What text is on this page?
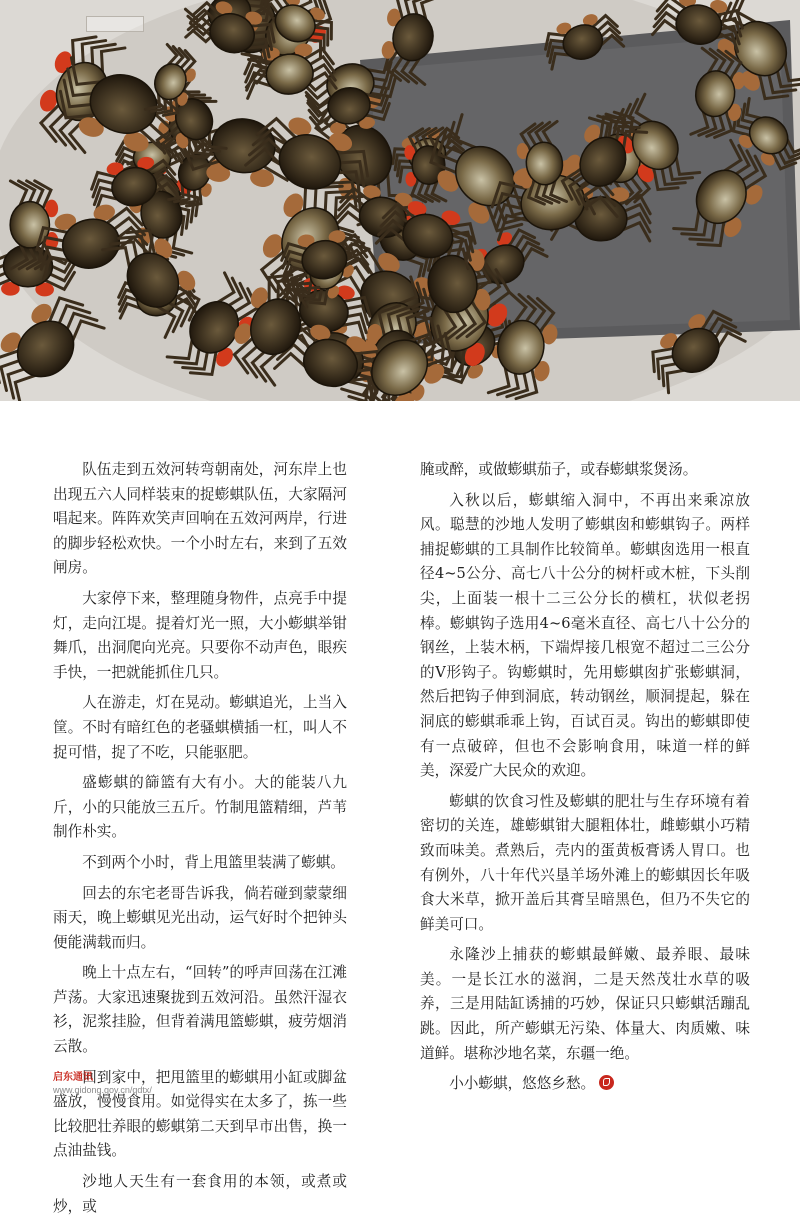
队伍走到五效河转弯朝南处，河东岸上也出现五六人同样装束的捉蟛蜞队伍，大家隔河唱起来。阵阵欢笑声回响在五效河两岸，行进的脚步轻松欢快。一个小时左右，来到了五效闸房。

大家停下来，整理随身物件，点亮手中提灯，走向江堤。提着灯光一照，大小蟛蜞举钳舞爪，出洞爬向光亮。只要你不动声色，眼疾手快，一把就能抓住几只。

人在游走，灯在晃动。蟛蜞追光，上当入筐。不时有暗红色的老骚蜞横插一杠，叫人不捉可惜，捉了不吃，只能驱肥。

盛蟛蜞的篩篮有大有小。大的能装八九斤，小的只能放三五斤。竹制甩篮精细，芦苇制作朴实。

不到两个小时，背上甩篮里装满了蟛蜞。

回去的东宅老哥告诉我，倘若碰到蒙蒙细雨天，晚上蟛蜞见光出动，运气好时个把钟头便能满载而归。

晚上十点左右，“回转”的呼声回荡在江滩芦荡。大家迅速聚拢到五效河沿。虽然汗湿衣衫，泥浆挂脸，但背着满甩篮蟛蜞，疲劳烟消云散。

回到家中，把甩篮里的蟛蜞用小缸或脚盆盛放，慢慢食用。如觉得实在太多了，拣一些比较肥壮养眼的蟛蜞第二天到早市出售，换一点油盐钱。

沙地人天生有一套食用的本领，或煮或炒，或

腌或醉，或做蟛蜞茄子，或春蟛蜞浆煲汤。

入秋以后，蟛蜞缩入洞中，不再出来乘凉放风。聪慧的沙地人发明了蟛蜞囱和蟛蜞钩子。两样捕捉蟛蜞的工具制作比较简单。蟛蜞囱选用一根直径4~5公分、高七八十公分的树杆或木桩，下头削尖，上面装一根十二三公分长的横杠，状似老拐棒。蟛蜞钩子选用4~6毫米直径、高七八十公分的钢丝，上装木柄，下端焊接几根宽不超过二三公分的V形钩子。钩蟛蜞时，先用蟛蜞囱扩张蟛蜞洞，然后把钩子伸到洞底，转动钢丝，顺洞提起，躲在洞底的蟛蜞乖乖上钩，百试百灵。钩出的蟛蜞即使有一点破碎，但也不会影响食用，味道一样的鲜美，深爱广大民众的欢迎。

蟛蜞的饮食习性及蟛蜞的肥壮与生存环境有着密切的关连，雄蟛蜞钳大腿粗体壮，雌蟛蜞小巧精致而味美。煮熟后，壳内的蛋黄板膏诱人胃口。也有例外，八十年代兴垦羊场外滩上的蟛蜞因长年吸食大米草，掀开盖后其膏呈暗黑色，但乃不失它的鲜美可口。

永隆沙上捕获的蟛蜞最鲜嫩、最养眼、最味美。一是长江水的滋润，二是天然茂壮水草的吸养，三是用陆缸诱捕的巧妙，保证只只蟛蜞活蹦乱跳。因此，所产蟛蜞无污染、体量大、肉质嫩、味道鲜。堪称沙地名菜，东疆一绝。

小小蟛蜞，悠悠乡愁。

启东通讯
www.qidong.gov.cn/qdtx/
